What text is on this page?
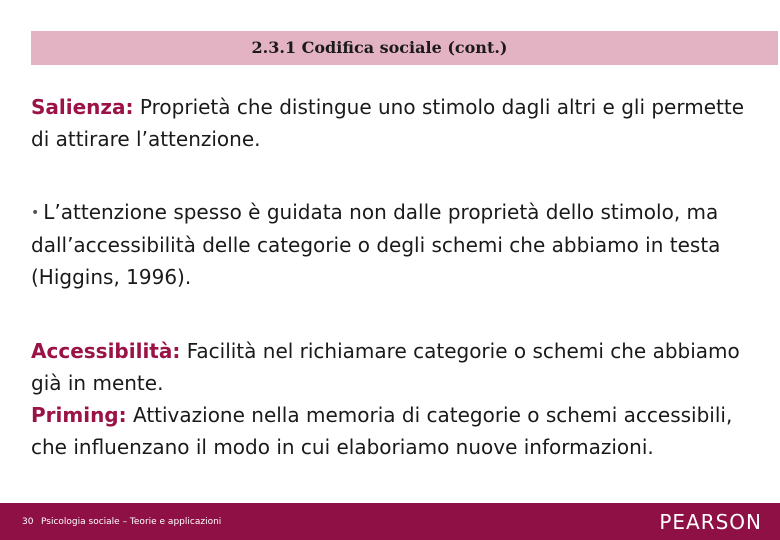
2.3.1 Codifica sociale (cont.)

Salienza: Proprietà che distingue uno stimolo dagli altri e gli permette di attirare l’attenzione.

• L’attenzione spesso è guidata non dalle proprietà dello stimolo, ma dall’accessibilità delle categorie o degli schemi che abbiamo in testa (Higgins, 1996).

Accessibilità: Facilità nel richiamare categorie o schemi che abbiamo già in mente.
Priming: Attivazione nella memoria di categorie o schemi accessibili, che influenzano il modo in cui elaboriamo nuove informazioni.
30 Psicologia sociale – Teorie e applicazioni	PEARSON
